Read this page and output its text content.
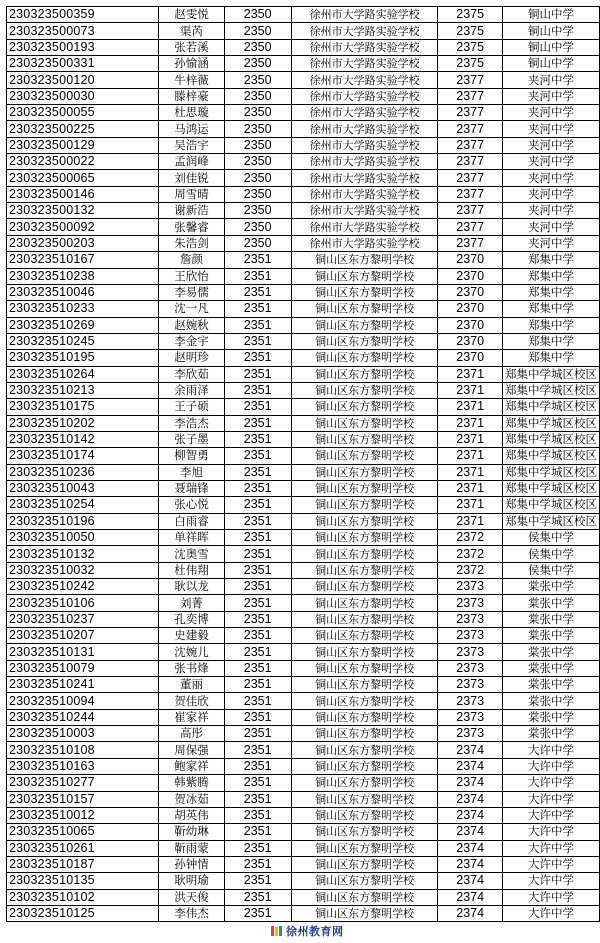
230323500359	赵雯悦	2350	徐州市大学路实验学校	2375	铜山中学
230323500073	渠芮	2350	徐州市大学路实验学校	2375	铜山中学
230323500193	张若溪	2350	徐州市大学路实验学校	2375	铜山中学
230323500331	孙愉涵	2350	徐州市大学路实验学校	2375	铜山中学
230323500120	牛梓薇	2350	徐州市大学路实验学校	2377	夹河中学
230323500030	滕梓豪	2350	徐州市大学路实验学校	2377	夹河中学
230323500055	杜思璇	2350	徐州市大学路实验学校	2377	夹河中学
230323500225	马鸿运	2350	徐州市大学路实验学校	2377	夹河中学
230323500129	吴浩宇	2350	徐州市大学路实验学校	2377	夹河中学
230323500022	孟润峰	2350	徐州市大学路实验学校	2377	夹河中学
230323500065	刘佳锐	2350	徐州市大学路实验学校	2377	夹河中学
230323500146	周雪晴	2350	徐州市大学路实验学校	2377	夹河中学
230323500132	谢新浩	2350	徐州市大学路实验学校	2377	夹河中学
230323500092	张馨睿	2350	徐州市大学路实验学校	2377	夹河中学
230323500203	朱浩剑	2350	徐州市大学路实验学校	2377	夹河中学
230323510167	詹颜	2351	铜山区东方黎明学校	2370	郑集中学
230323510238	王欣怡	2351	铜山区东方黎明学校	2370	郑集中学
230323510046	李易儒	2351	铜山区东方黎明学校	2370	郑集中学
230323510233	沈一凡	2351	铜山区东方黎明学校	2370	郑集中学
230323510269	赵婉秋	2351	铜山区东方黎明学校	2370	郑集中学
230323510245	李金宇	2351	铜山区东方黎明学校	2370	郑集中学
230323510195	赵明珍	2351	铜山区东方黎明学校	2370	郑集中学
230323510264	李欣茹	2351	铜山区东方黎明学校	2371	郑集中学城区校区
230323510213	余雨泽	2351	铜山区东方黎明学校	2371	郑集中学城区校区
230323510175	王子硕	2351	铜山区东方黎明学校	2371	郑集中学城区校区
230323510202	李浩杰	2351	铜山区东方黎明学校	2371	郑集中学城区校区
230323510142	张子墨	2351	铜山区东方黎明学校	2371	郑集中学城区校区
230323510174	柳智勇	2351	铜山区东方黎明学校	2371	郑集中学城区校区
230323510236	李旭	2351	铜山区东方黎明学校	2371	郑集中学城区校区
230323510043	聂瑞锋	2351	铜山区东方黎明学校	2371	郑集中学城区校区
230323510254	张心悦	2351	铜山区东方黎明学校	2371	郑集中学城区校区
230323510196	白雨睿	2351	铜山区东方黎明学校	2371	郑集中学城区校区
230323510050	单祥晖	2351	铜山区东方黎明学校	2372	侯集中学
230323510132	沈奥雪	2351	铜山区东方黎明学校	2372	侯集中学
230323510032	杜伟翔	2351	铜山区东方黎明学校	2372	侯集中学
230323510242	耿以龙	2351	铜山区东方黎明学校	2373	棠张中学
230323510106	刘菁	2351	铜山区东方黎明学校	2373	棠张中学
230323510237	孔奕博	2351	铜山区东方黎明学校	2373	棠张中学
230323510207	史建毅	2351	铜山区东方黎明学校	2373	棠张中学
230323510131	沈婉儿	2351	铜山区东方黎明学校	2373	棠张中学
230323510079	张书烽	2351	铜山区东方黎明学校	2373	棠张中学
230323510241	董丽	2351	铜山区东方黎明学校	2373	棠张中学
230323510094	贺佳欣	2351	铜山区东方黎明学校	2373	棠张中学
230323510244	崔家祥	2351	铜山区东方黎明学校	2373	棠张中学
230323510003	高彤	2351	铜山区东方黎明学校	2373	棠张中学
230323510108	周保强	2351	铜山区东方黎明学校	2374	大许中学
230323510163	鲍家祥	2351	铜山区东方黎明学校	2374	大许中学
230323510277	韩紫腾	2351	铜山区东方黎明学校	2374	大许中学
230323510157	贺冰茹	2351	铜山区东方黎明学校	2374	大许中学
230323510012	胡英伟	2351	铜山区东方黎明学校	2374	大许中学
230323510065	靳幼琳	2351	铜山区东方黎明学校	2374	大许中学
230323510261	靳雨蒙	2351	铜山区东方黎明学校	2374	大许中学
230323510187	孙钟情	2351	铜山区东方黎明学校	2374	大许中学
230323510135	耿明瑜	2351	铜山区东方黎明学校	2374	大许中学
230323510102	洪天俊	2351	铜山区东方黎明学校	2374	大许中学
230323510125	李伟杰	2351	铜山区东方黎明学校	2374	大许中学
徐州教育网
